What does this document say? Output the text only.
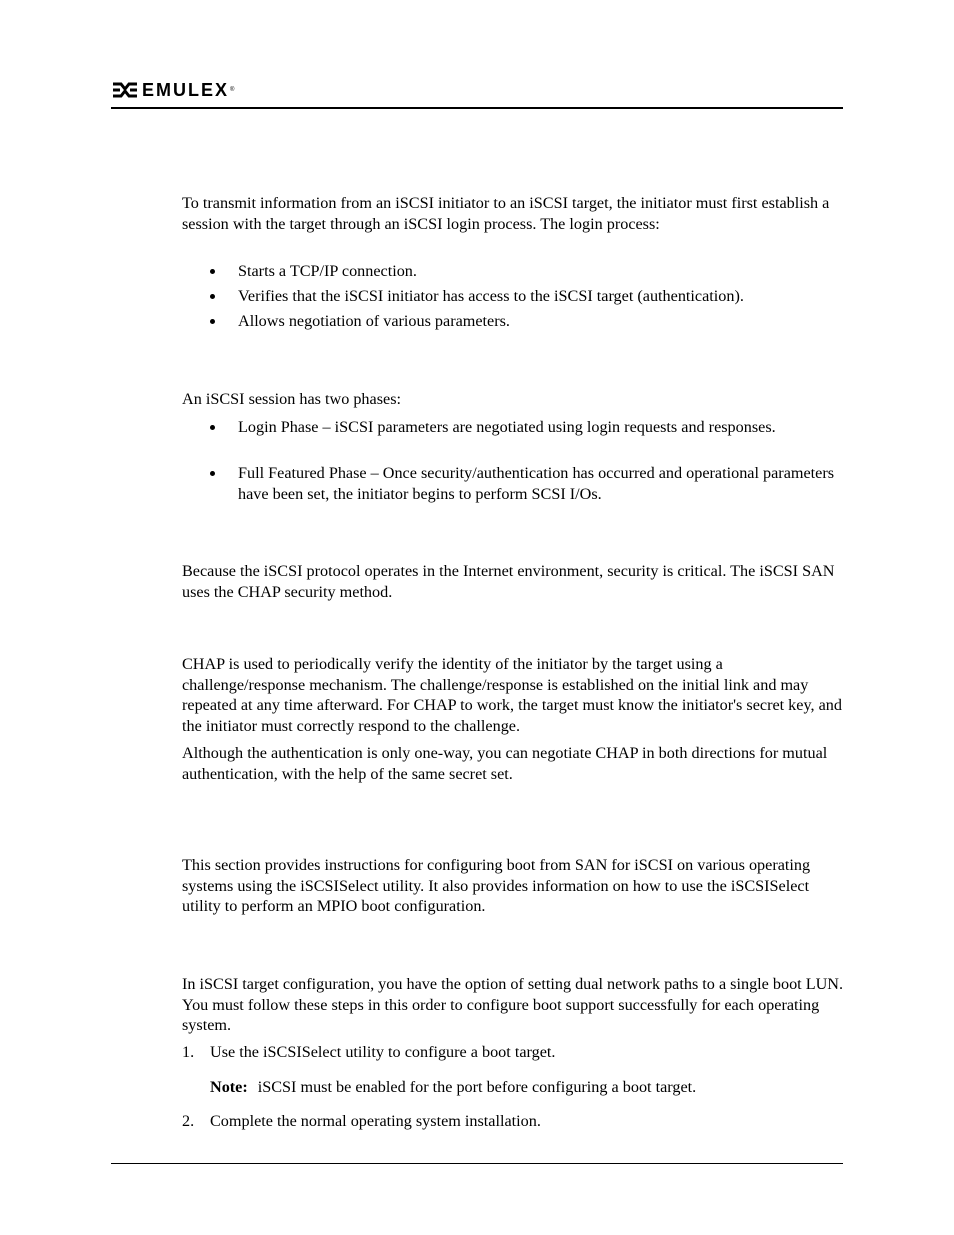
EMULEX ®

To transmit information from an iSCSI initiator to an iSCSI target, the initiator must first establish a session with the target through an iSCSI login process. The login process:

Starts a TCP/IP connection.

Verifies that the iSCSI initiator has access to the iSCSI target (authentication).

Allows negotiation of various parameters.

An iSCSI session has two phases:

Login Phase – iSCSI parameters are negotiated using login requests and responses.

Full Featured Phase – Once security/authentication has occurred and operational parameters have been set, the initiator begins to perform SCSI I/Os.

Because the iSCSI protocol operates in the Internet environment, security is critical. The iSCSI SAN uses the CHAP security method.

CHAP is used to periodically verify the identity of the initiator by the target using a challenge/response mechanism. The challenge/response is established on the initial link and may repeated at any time afterward. For CHAP to work, the target must know the initiator's secret key, and the initiator must correctly respond to the challenge.

Although the authentication is only one-way, you can negotiate CHAP in both directions for mutual authentication, with the help of the same secret set.

This section provides instructions for configuring boot from SAN for iSCSI on various operating systems using the iSCSISelect utility. It also provides information on how to use the iSCSISelect utility to perform an MPIO boot configuration.

In iSCSI target configuration, you have the option of setting dual network paths to a single boot LUN. You must follow these steps in this order to configure boot support successfully for each operating system.

1. Use the iSCSISelect utility to configure a boot target.
Note: iSCSI must be enabled for the port before configuring a boot target.
2. Complete the normal operating system installation.
